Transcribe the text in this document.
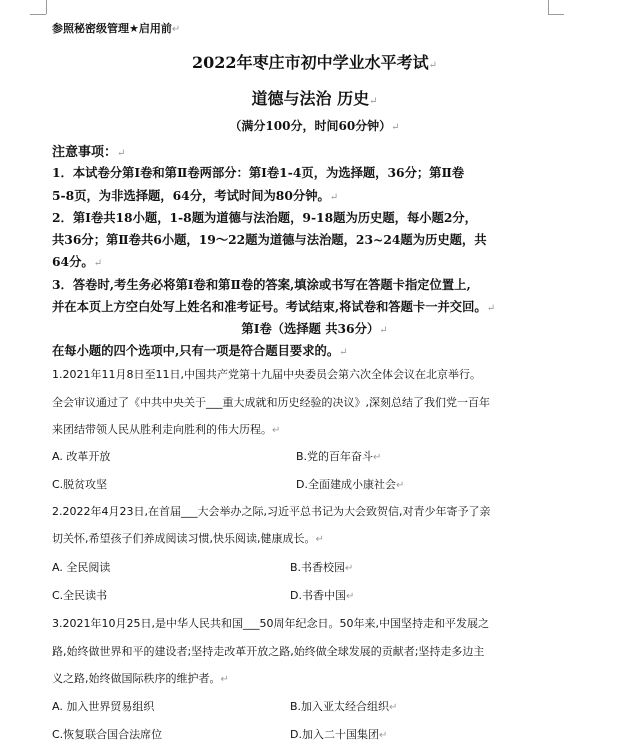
参照秘密级管理★启用前↵
2022年枣庄市初中学业水平考试↵
道德与法治 历史↵
（满分100分，时间60分钟）↵
注意事项：↵
1．本试卷分第Ⅰ卷和第Ⅱ卷两部分：第Ⅰ卷1-4页，为选择题，36分；第Ⅱ卷
5-8页，为非选择题，64分，考试时间为80分钟。↵
2．第Ⅰ卷共18小题，1-8题为道德与法治题，9-18题为历史题，每小题2分，
共36分；第Ⅱ卷共6小题，19～22题为道德与法治题，23~24题为历史题，共
64分。↵
3．答卷时,考生务必将第Ⅰ卷和第Ⅱ卷的答案,填涂或书写在答题卡指定位置上,
并在本页上方空白处写上姓名和准考证号。考试结束,将试卷和答题卡一并交回。↵
第Ⅰ卷（选择题 共36分）↵
在每小题的四个选项中,只有一项是符合题目要求的。↵
1.2021年11月8日至11日,中国共产党第十九届中央委员会第六次全体会议在北京举行。
全会审议通过了《中共中央关于___重大成就和历史经验的决议》,深刻总结了我们党一百年
来团结带领人民从胜利走向胜利的伟大历程。↵
A. 改革开放	B.党的百年奋斗↵
C.脱贫攻坚	D.全面建成小康社会↵
2.2022年4月23日,在首届___大会举办之际,习近平总书记为大会致贺信,对青少年寄予了亲
切关怀,希望孩子们养成阅读习惯,快乐阅读,健康成长。↵
A. 全民阅读	B.书香校园↵
C.全民读书	D.书香中国↵
3.2021年10月25日,是中华人民共和国___50周年纪念日。50年来,中国坚持走和平发展之
路,始终做世界和平的建设者;坚持走改革开放之路,始终做全球发展的贡献者;坚持走多边主
义之路,始终做国际秩序的维护者。↵
A. 加入世界贸易组织	B.加入亚太经合组织↵
C.恢复联合国合法席位	D.加入二十国集团↵
